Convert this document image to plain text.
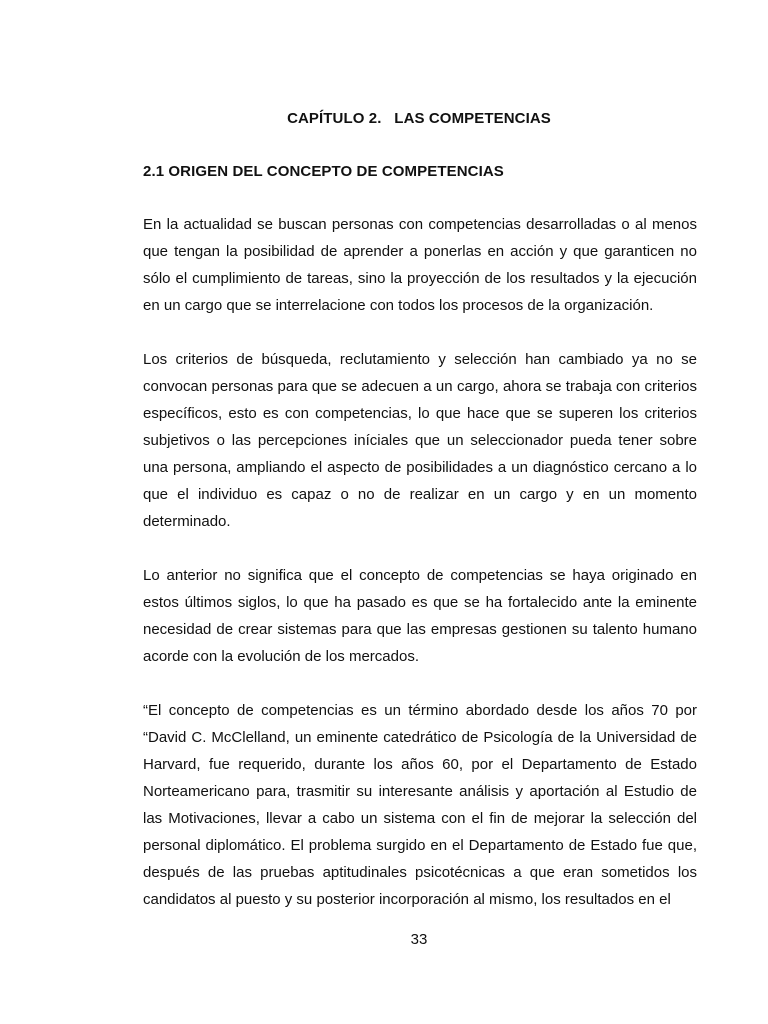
CAPÍTULO 2.   LAS COMPETENCIAS
2.1 ORIGEN DEL CONCEPTO DE COMPETENCIAS

En la actualidad se buscan personas con competencias desarrolladas o al menos que tengan la posibilidad de aprender a ponerlas en acción y que garanticen no sólo el cumplimiento de tareas, sino la proyección de los resultados y la ejecución en un cargo que se interrelacione con todos los procesos de la organización.

Los criterios de búsqueda, reclutamiento y selección han cambiado ya no se convocan personas para que se adecuen a un cargo, ahora se trabaja con criterios específicos, esto es con competencias, lo que hace que se superen los criterios subjetivos o las percepciones iníciales que un seleccionador pueda tener sobre una persona, ampliando el aspecto de posibilidades a un diagnóstico cercano a lo que el individuo es capaz o no de realizar en un cargo y en un momento determinado.

Lo anterior no significa que el concepto de competencias se haya originado en estos últimos siglos, lo que ha pasado es que se ha fortalecido ante la eminente necesidad de crear sistemas para que las empresas gestionen su talento humano acorde con la evolución de los mercados.

“El concepto de competencias es un término abordado desde los años 70 por “David C. McClelland, un eminente catedrático de Psicología de la Universidad de Harvard, fue requerido, durante los años 60, por el Departamento de Estado Norteamericano para, trasmitir su interesante análisis y aportación al Estudio de las Motivaciones, llevar a cabo un sistema con el fin de mejorar la selección del personal diplomático. El problema surgido en el Departamento de Estado fue que, después de las pruebas aptitudinales psicotécnicas a que eran sometidos los candidatos al puesto y su posterior incorporación al mismo, los resultados en el

33
